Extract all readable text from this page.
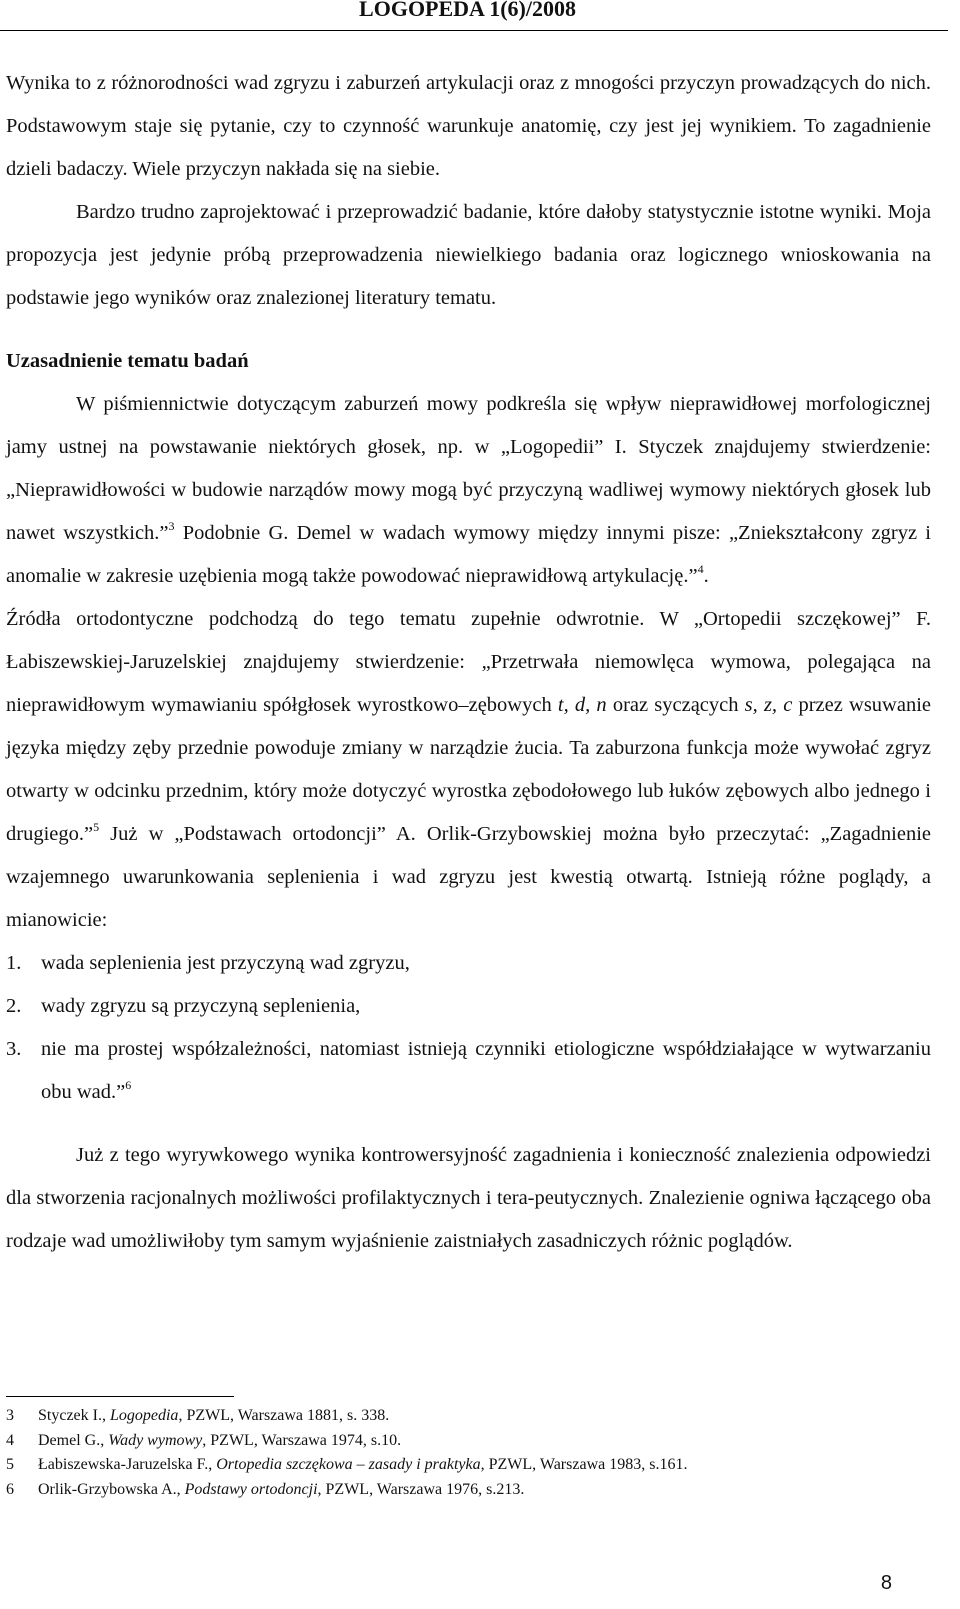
LOGOPEDA 1(6)/2008

Wynika to z różnorodności wad zgryzu i zaburzeń artykulacji oraz z mnogości przyczyn prowadzących do nich. Podstawowym staje się pytanie, czy to czynność warunkuje anatomię, czy jest jej wynikiem. To zagadnienie dzieli badaczy. Wiele przyczyn nakłada się na siebie.

Bardzo trudno zaprojektować i przeprowadzić badanie, które dałoby statystycznie istotne wyniki. Moja propozycja jest jedynie próbą przeprowadzenia niewielkiego badania oraz logicznego wnioskowania na podstawie jego wyników oraz znalezionej literatury tematu.

Uzasadnienie tematu badań

W piśmiennictwie dotyczącym zaburzeń mowy podkreśla się wpływ nieprawidłowej morfologicznej jamy ustnej na powstawanie niektórych głosek, np. w „Logopedii” I. Styczek znajdujemy stwierdzenie: „Nieprawidłowości w budowie narządów mowy mogą być przyczyną wadliwej wymowy niektórych głosek lub nawet wszystkich.”$^3$ Podobnie G. Demel w wadach wymowy między innymi pisze: „Zniekształcony zgryz i anomalie w zakresie uzębienia mogą także powodować nieprawidłową artykulację.”$^4$.

Źródła ortodontyczne podchodzą do tego tematu zupełnie odwrotnie. W „Ortopedii szczękowej” F. Łabiszewskiej-Jaruzelskiej znajdujemy stwierdzenie: „Przetrwała niemowlęca wymowa, polegająca na nieprawidłowym wymawianiu spółgłosek wyrostkowo–zębowych t, d, n oraz syczących s, z, c przez wsuwanie języka między zęby przednie powoduje zmiany w narządzie żucia. Ta zaburzona funkcja może wywołać zgryz otwarty w odcinku przednim, który może dotyczyć wyrostka zębodołowego lub łuków zębowych albo jednego i drugiego.”$^5$ Już w „Podstawach ortodoncji” A. Orlik-Grzybowskiej można było przeczytać: „Zagadnienie wzajemnego uwarunkowania seplenienia i wad zgryzu jest kwestią otwartą. Istnieją różne poglądy, a mianowicie:

1. wada seplenienia jest przyczyną wad zgryzu,
2. wady zgryzu są przyczyną seplenienia,
3. nie ma prostej współzależności, natomiast istnieją czynniki etiologiczne współdziałające w wytwarzaniu obu wad.”$^6$

Już z tego wyrywkowego wynika kontrowersyjność zagadnienia i konieczność znalezienia odpowiedzi dla stworzenia racjonalnych możliwości profilaktycznych i tera-peutycznych. Znalezienie ogniwa łączącego oba rodzaje wad umożliwiłoby tym samym wyjaśnienie zaistniałych zasadniczych różnic poglądów.

3 Styczek I., Logopedia, PZWL, Warszawa 1881, s. 338.
4 Demel G., Wady wymowy, PZWL, Warszawa 1974, s.10.
5 Łabiszewska-Jaruzelska F., Ortopedia szczękowa – zasady i praktyka, PZWL, Warszawa 1983, s.161.
6 Orlik-Grzybowska A., Podstawy ortodoncji, PZWL, Warszawa 1976, s.213.
8
